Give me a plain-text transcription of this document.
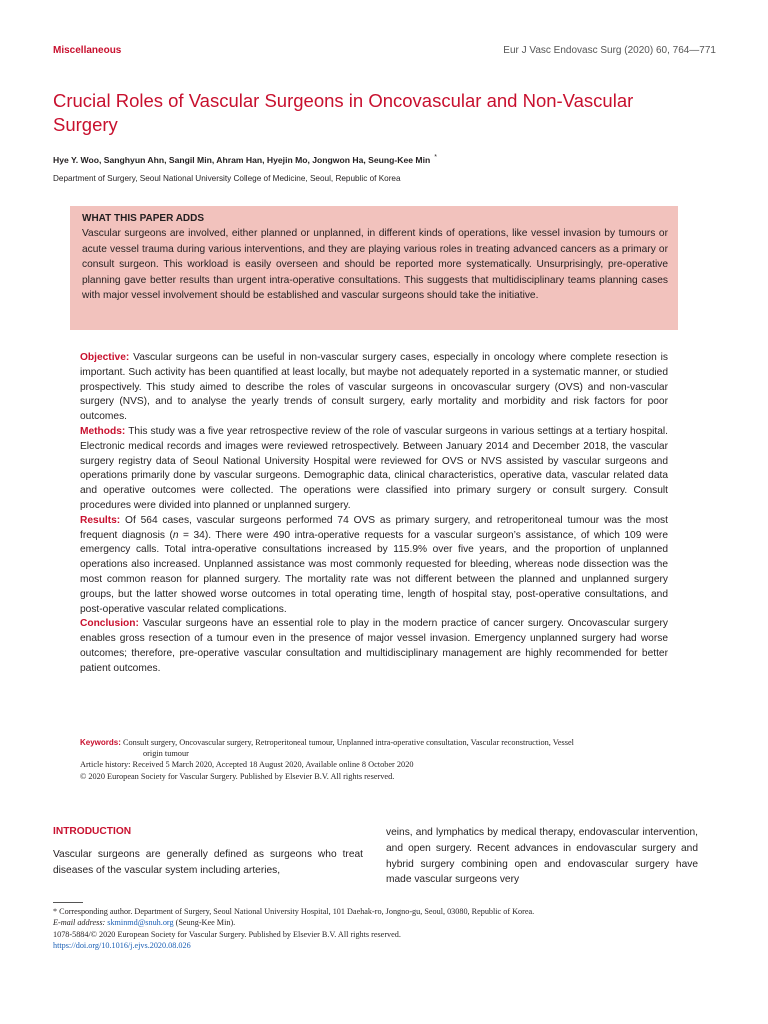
Miscellaneous	Eur J Vasc Endovasc Surg (2020) 60, 764—771
Crucial Roles of Vascular Surgeons in Oncovascular and Non-Vascular Surgery
Hye Y. Woo, Sanghyun Ahn, Sangil Min, Ahram Han, Hyejin Mo, Jongwon Ha, Seung-Kee Min *
Department of Surgery, Seoul National University College of Medicine, Seoul, Republic of Korea
WHAT THIS PAPER ADDS
Vascular surgeons are involved, either planned or unplanned, in different kinds of operations, like vessel invasion by tumours or acute vessel trauma during various interventions, and they are playing various roles in treating advanced cancers as a primary or consult surgeon. This workload is easily overseen and should be reported more systematically. Unsurprisingly, pre-operative planning gave better results than urgent intra-operative consultations. This suggests that multidisciplinary teams planning cases with major vessel involvement should be established and vascular surgeons should take the initiative.

Objective: Vascular surgeons can be useful in non-vascular surgery cases, especially in oncology where complete resection is important. Such activity has been quantified at least locally, but maybe not adequately reported in a systematic manner, or studied prospectively. This study aimed to describe the roles of vascular surgeons in oncovascular surgery (OVS) and non-vascular surgery (NVS), and to analyse the yearly trends of consult surgery, early mortality and morbidity and risk factors for poor outcomes.

Methods: This study was a five year retrospective review of the role of vascular surgeons in various settings at a tertiary hospital. Electronic medical records and images were reviewed retrospectively. Between January 2014 and December 2018, the vascular surgery registry data of Seoul National University Hospital were reviewed for OVS or NVS assisted by vascular surgeons and operations primarily done by vascular surgeons. Demographic data, clinical characteristics, operative data, vascular related data and operative outcomes were collected. The operations were classified into primary surgery or consult surgery. Consult procedures were divided into planned or unplanned surgery.

Results: Of 564 cases, vascular surgeons performed 74 OVS as primary surgery, and retroperitoneal tumour was the most frequent diagnosis (n = 34). There were 490 intra-operative requests for a vascular surgeon’s assistance, of which 109 were emergency calls. Total intra-operative consultations increased by 115.9% over five years, and the proportion of unplanned operations also increased. Unplanned assistance was most commonly requested for bleeding, whereas node dissection was the most common reason for planned surgery. The mortality rate was not different between the planned and unplanned surgery groups, but the latter showed worse outcomes in total operating time, length of hospital stay, post-operative consultations, and post-operative vascular related complications.

Conclusion: Vascular surgeons have an essential role to play in the modern practice of cancer surgery. Oncovascular surgery enables gross resection of a tumour even in the presence of major vessel invasion. Emergency unplanned surgery had worse outcomes; therefore, pre-operative vascular consultation and multidisciplinary management are highly recommended for better patient outcomes.

Keywords: Consult surgery, Oncovascular surgery, Retroperitoneal tumour, Unplanned intra-operative consultation, Vascular reconstruction, Vessel
origin tumour
Article history: Received 5 March 2020, Accepted 18 August 2020, Available online 8 October 2020
© 2020 European Society for Vascular Surgery. Published by Elsevier B.V. All rights reserved.
INTRODUCTION
Vascular surgeons are generally defined as surgeons who treat diseases of the vascular system including arteries,
veins, and lymphatics by medical therapy, endovascular intervention, and open surgery. Recent advances in endovascular surgery and hybrid surgery combining open and endovascular surgery have made vascular surgeons very
* Corresponding author. Department of Surgery, Seoul National University Hospital, 101 Daehak-ro, Jongno-gu, Seoul, 03080, Republic of Korea.
E-mail address: skminmd@snuh.org (Seung-Kee Min).
1078-5884/© 2020 European Society for Vascular Surgery. Published by Elsevier B.V. All rights reserved.
https://doi.org/10.1016/j.ejvs.2020.08.026
